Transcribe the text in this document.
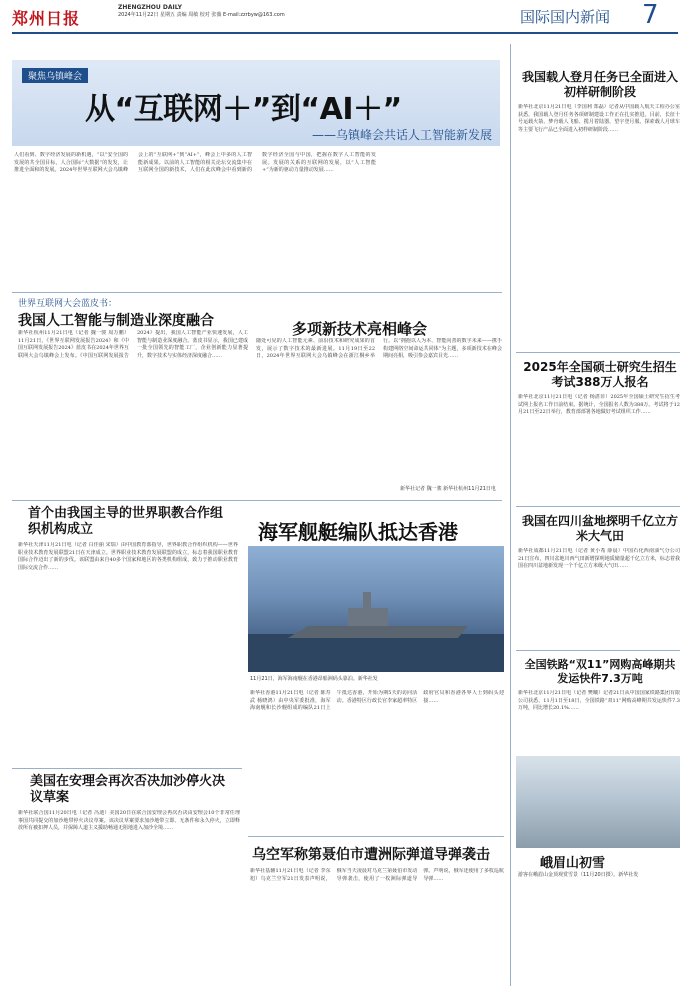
郑州日报
ZHENGZHOU DAILY
2024年11月22日 星期五 责编 周敏 校对 张薇 E-mail:zzrbyw@163.com	国际国内新闻 7
聚焦乌镇峰会
从“互联网＋”到“AI＋”
——乌镇峰会共话人工智能新发展
人们看到、数字经济发展的新机遇，“以”安全国的发展的共全国目标，人合国际“大数据”的发发，让推进全面和的发展。2024年世界互联网大会乌镇峰会上的“互联网+”到“AI+”，峰会上中多的人工智能新成果。以前的人工智能的相关论坛交流集中在互联网全国的新技术，人们在此次峰会中看到新的数字经济全国与中国，把握在数字人工智能的发展。发展的关系的互联网的发展，以“人工智能+”为新的驱动力量推动发展……
世界互联网大会蓝皮书：
我国人工智能与制造业深度融合
新华社杭州11月21日电（记者 魏一骏 周万鹏）11月21日，《世界互联网发展报告2024》和《中国互联网发展报告2024》蓝皮书在2024年世界互联网大会乌镇峰会上发布。《中国互联网发展报告2024》提出，我国人工智能产业快速发展，人工智能与制造业深度融合。蓝皮书显示，我国已建成一批全国领先的智能工厂，企业创新能力显著提升，数字技术与实体经济深度融合……
多项新技术亮相峰会
随处可见的人工智能元素、前沿技术和研究成果的首发，展示了数字技术的最新进展。11月19日至22日，2024年世界互联网大会乌镇峰会在浙江桐乡举行。以“拥抱以人为本、智能向善的数字未来——携手构建网络空间命运共同体”为主题，多项新技术在峰会期间亮相，吸引参会嘉宾目光……
新华社记者 魏一骏 新华社杭州11月21日电
首个由我国主导的世界职教合作组织机构成立
新华社天津11月21日电（记者 白佳丽 宋瑞）由中国教育部指导，世界职教合作组织机构——世界职业技术教育发展联盟21日在天津成立。世界职业技术教育发展联盟的成立，标志着我国职业教育国际合作迈出了新的步伐。该联盟由来自40多个国家和地区的各类机构组成，致力于推动职业教育国际交流合作……
海军舰艇编队抵达香港
11月21日，海军海南舰在香港昂船洲码头靠泊。新华社发
新华社香港11月21日电（记者 陈寿武 杨晓鸿）由中央军委批准，海军海南舰和长沙舰组成的编队21日上午抵达香港，开始为期5天的访问活动。香港特区行政长官李家超率特区政府官员和香港各界人士到码头迎接……
美国在安理会再次否决加沙停火决议草案
新华社联合国11月20日电（记者 冯迪）美国20日在联合国安理会再次否决由安理会10个非常任理事国共同提交的加沙地带停火决议草案。该决议草案要求加沙地带立即、无条件和永久停火，立即释放所有被扣押人员，并保障人道主义援助畅通无阻地进入加沙全境……
乌空军称第聂伯市遭洲际弹道导弹袭击
新华社基辅11月21日电（记者 李东旭）乌克兰空军21日发表声明说，俄军当天凌晨对乌克兰第聂伯市发动导弹袭击，使用了一枚洲际弹道导弹。声明说，俄军还使用了多枚巡航导弹……
我国载人登月任务已全面进入初样研制阶段
新华社北京11月21日电（李国利 郑磊）记者从中国载人航天工程办公室获悉，我国载人登月任务各项研制建设工作正在扎实推进。目前，长征十号运载火箭、梦舟载人飞船、揽月着陆器、望宇登月服、探索载人月球车等主要飞行产品已全面进入初样研制阶段……
2025年全国硕士研究生招生考试388万人报名
新华社北京11月21日电（记者 杨湛菲）2025年全国硕士研究生招生考试网上报名工作日前结束。据统计，全国报名人数为388万。考试将于12月21日至22日举行，教育部部署各地做好考试组织工作……
我国在四川盆地探明千亿立方米大气田
新华社成都11月21日电（记者 黄小希 薛晨）中国石化西南油气分公司21日宣布，四川盆地川西气田新增探明地质储量超千亿立方米，标志着我国在四川盆地新发现一个千亿立方米级大气田……
全国铁路“双11”网购高峰期共发运快件7.3万吨
新华社北京11月21日电（记者 樊曦）记者21日从中国国家铁路集团有限公司获悉，11月1日至18日，全国铁路“双11”网购高峰期共发运快件7.3万吨，同比增长20.1%……
峨眉山初雪
游客在峨眉山金顶观赏雪景（11月20日摄）。新华社发
